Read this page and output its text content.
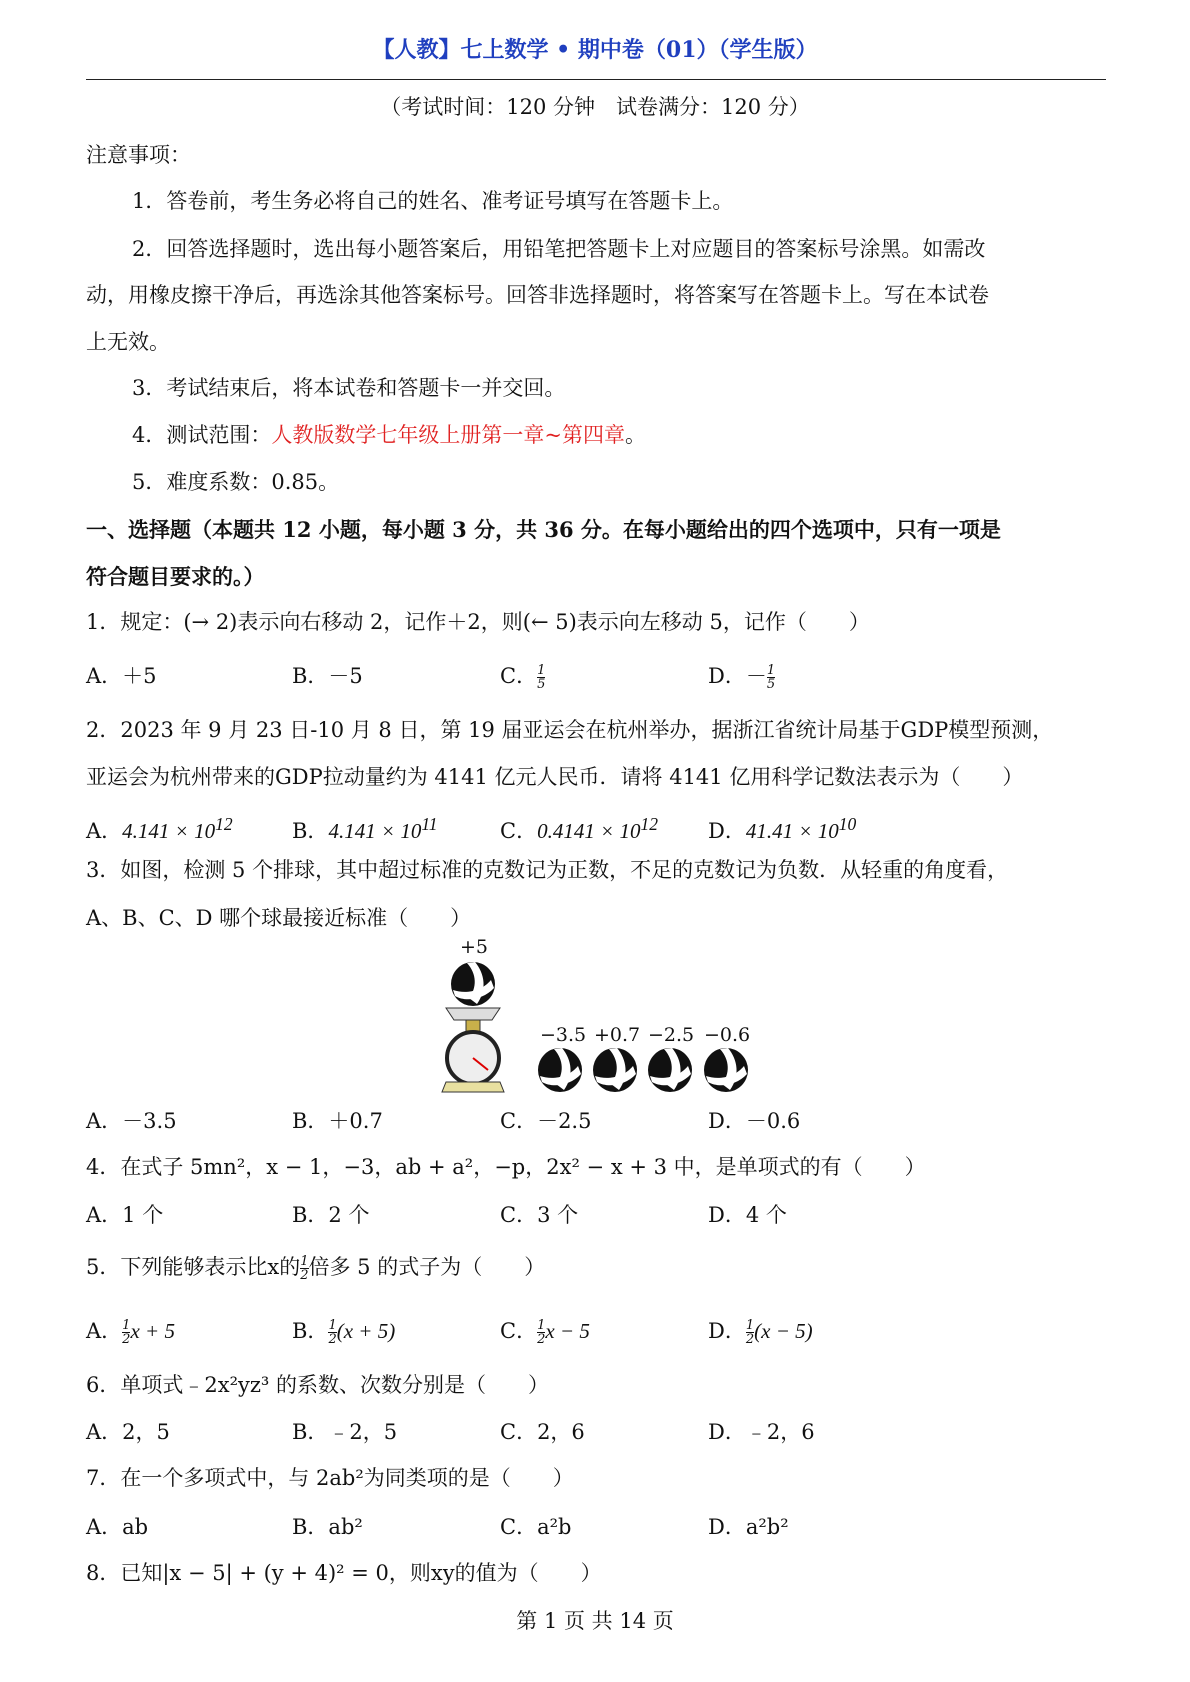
【人教】七上数学 • 期中卷（01）（学生版）
（考试时间：120 分钟　试卷满分：120 分）
注意事项：
1．答卷前，考生务必将自己的姓名、准考证号填写在答题卡上。
2．回答选择题时，选出每小题答案后，用铅笔把答题卡上对应题目的答案标号涂黑。如需改
动，用橡皮擦干净后，再选涂其他答案标号。回答非选择题时，将答案写在答题卡上。写在本试卷
上无效。
3．考试结束后，将本试卷和答题卡一并交回。
4．测试范围：人教版数学七年级上册第一章~第四章。
5．难度系数：0.85。
一、选择题（本题共 12 小题，每小题 3 分，共 36 分。在每小题给出的四个选项中，只有一项是
符合题目要求的。）
1．规定：(→ 2)表示向右移动 2，记作＋2，则(← 5)表示向左移动 5，记作（　　）
A．＋5	B．－5	C． $\frac{1}{5}$	D．－ $\frac{1}{5}$
2．2023 年 9 月 23 日-10 月 8 日，第 19 届亚运会在杭州举办，据浙江省统计局基于GDP模型预测，
亚运会为杭州带来的GDP拉动量约为 4141 亿元人民币．请将 4141 亿用科学记数法表示为（　　）
A．$4.141 \times 10^{12}$	B．$4.141 \times 10^{11}$	C．$0.4141 \times 10^{12}$ D．$41.41 \times 10^{10}$
3．如图，检测 5 个排球，其中超过标准的克数记为正数，不足的克数记为负数．从轻重的角度看，
A、B、C、D 哪个球最接近标准（　　）
+5
−3.5 +0.7 −2.5 −0.6
A．－3.5	B．＋0.7	C．－2.5	D．－0.6
4．在式子 5mn²，x − 1，−3，ab + a²，−p，2x² − x + 3 中，是单项式的有（　　）
A．1 个	B．2 个	C．3 个	D．4 个
5．下列能够表示比x的 $\frac{1}{2}$ 倍多 5 的式子为（　　）
A． $\frac{1}{2}$ x + 5	B． $\frac{1}{2} (x + 5)$	C． $\frac{1}{2}$ x − 5	D． $\frac{1}{2} (x - 5)$
6．单项式﹣2x²yz³ 的系数、次数分别是（　　）
A．2，5	B．﹣2，5	C．2，6	D．﹣2，6
7．在一个多项式中，与 2ab²为同类项的是（　　）
A．ab	B．ab²	C．a²b	D．a²b²
8．已知|x − 5| + (y + 4)² = 0，则xy的值为（　　）
第 1 页 共 14 页
